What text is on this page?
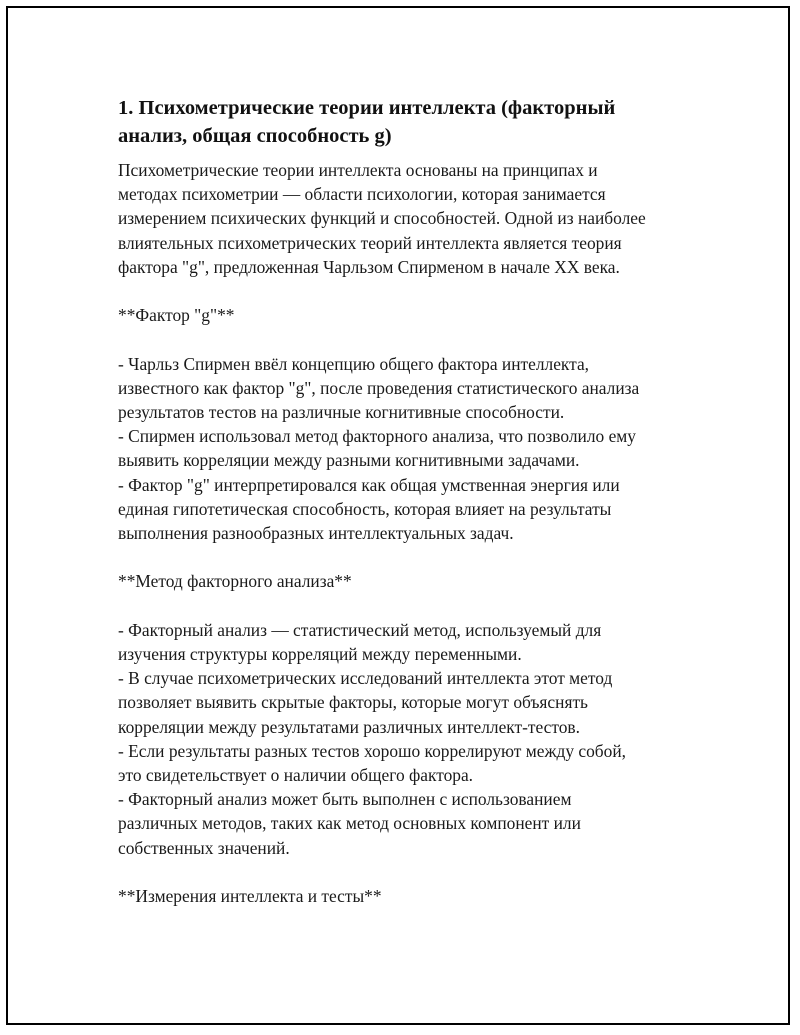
1. Психометрические теории интеллекта (факторный
анализ, общая способность g)
Психометрические теории интеллекта основаны на принципах и
методах психометрии — области психологии, которая занимается
измерением психических функций и способностей. Одной из наиболее
влиятельных психометрических теорий интеллекта является теория
фактора "g", предложенная Чарльзом Спирменом в начале XX века.
**Фактор "g"**
- Чарльз Спирмен ввёл концепцию общего фактора интеллекта,
известного как фактор "g", после проведения статистического анализа
результатов тестов на различные когнитивные способности.
- Спирмен использовал метод факторного анализа, что позволило ему
выявить корреляции между разными когнитивными задачами.
- Фактор "g" интерпретировался как общая умственная энергия или
единая гипотетическая способность, которая влияет на результаты
выполнения разнообразных интеллектуальных задач.
**Метод факторного анализа**
- Факторный анализ — статистический метод, используемый для
изучения структуры корреляций между переменными.
- В случае психометрических исследований интеллекта этот метод
позволяет выявить скрытые факторы, которые могут объяснять
корреляции между результатами различных интеллект-тестов.
- Если результаты разных тестов хорошо коррелируют между собой,
это свидетельствует о наличии общего фактора.
- Факторный анализ может быть выполнен с использованием
различных методов, таких как метод основных компонент или
собственных значений.
**Измерения интеллекта и тесты**
